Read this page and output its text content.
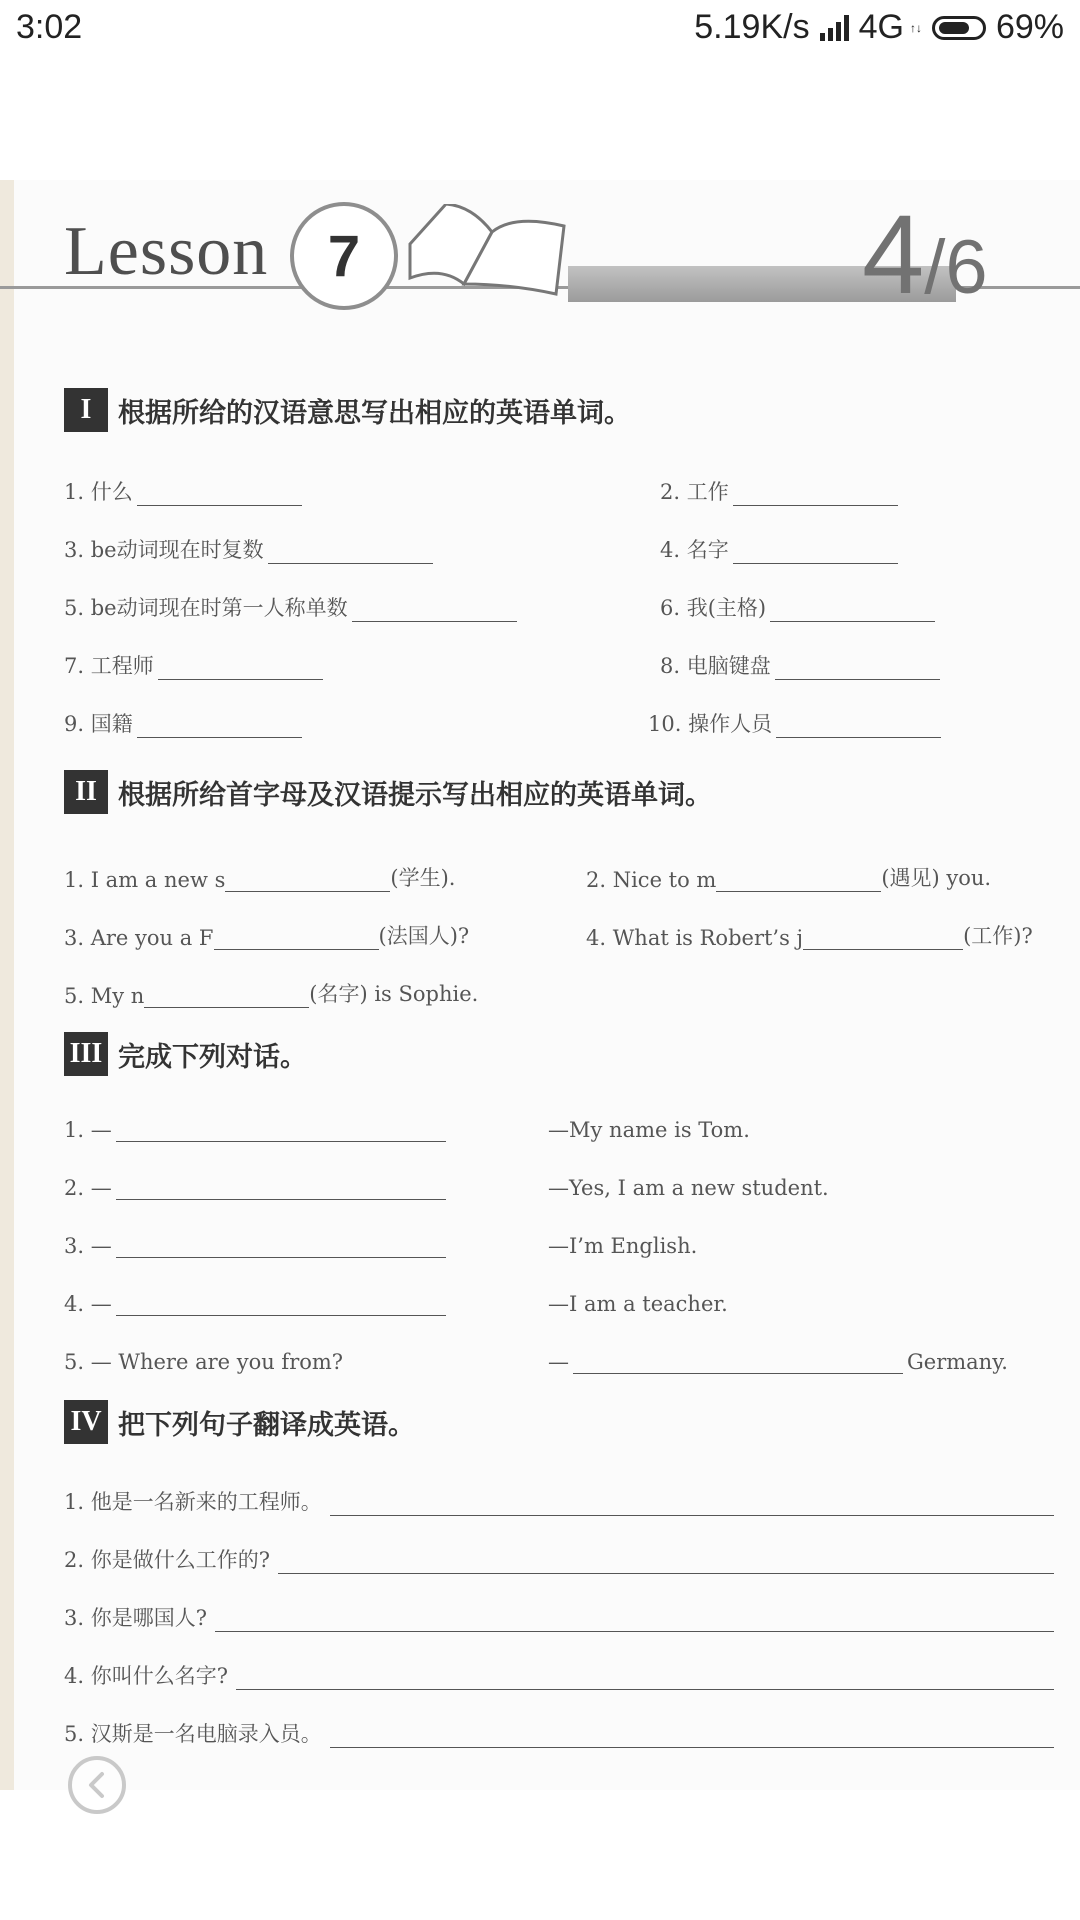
3:02	5.19K/s 4G ↑↓ 69%
Lesson	7	4/6
I 根据所给的汉语意思写出相应的英语单词。
1. 什么	2. 工作
3. be动词现在时复数	4. 名字
5. be动词现在时第一人称单数	6. 我(主格)
7. 工程师	8. 电脑键盘
9. 国籍	10. 操作人员
II 根据所给首字母及汉语提示写出相应的英语单词。
1. I am a new s	(学生).	2. Nice to m	(遇见) you.
3. Are you a F	(法国人)?	4. What is Robert’s j	(工作)?
5. My n	(名字) is Sophie.
III 完成下列对话。
1. —	—My name is Tom.
2. —	—Yes, I am a new student.
3. —	—I’m English.
4. —	—I am a teacher.
5. — Where are you from?	—	Germany.
IV 把下列句子翻译成英语。
1. 他是一名新来的工程师。
2. 你是做什么工作的?
3. 你是哪国人?
4. 你叫什么名字?
5. 汉斯是一名电脑录入员。
